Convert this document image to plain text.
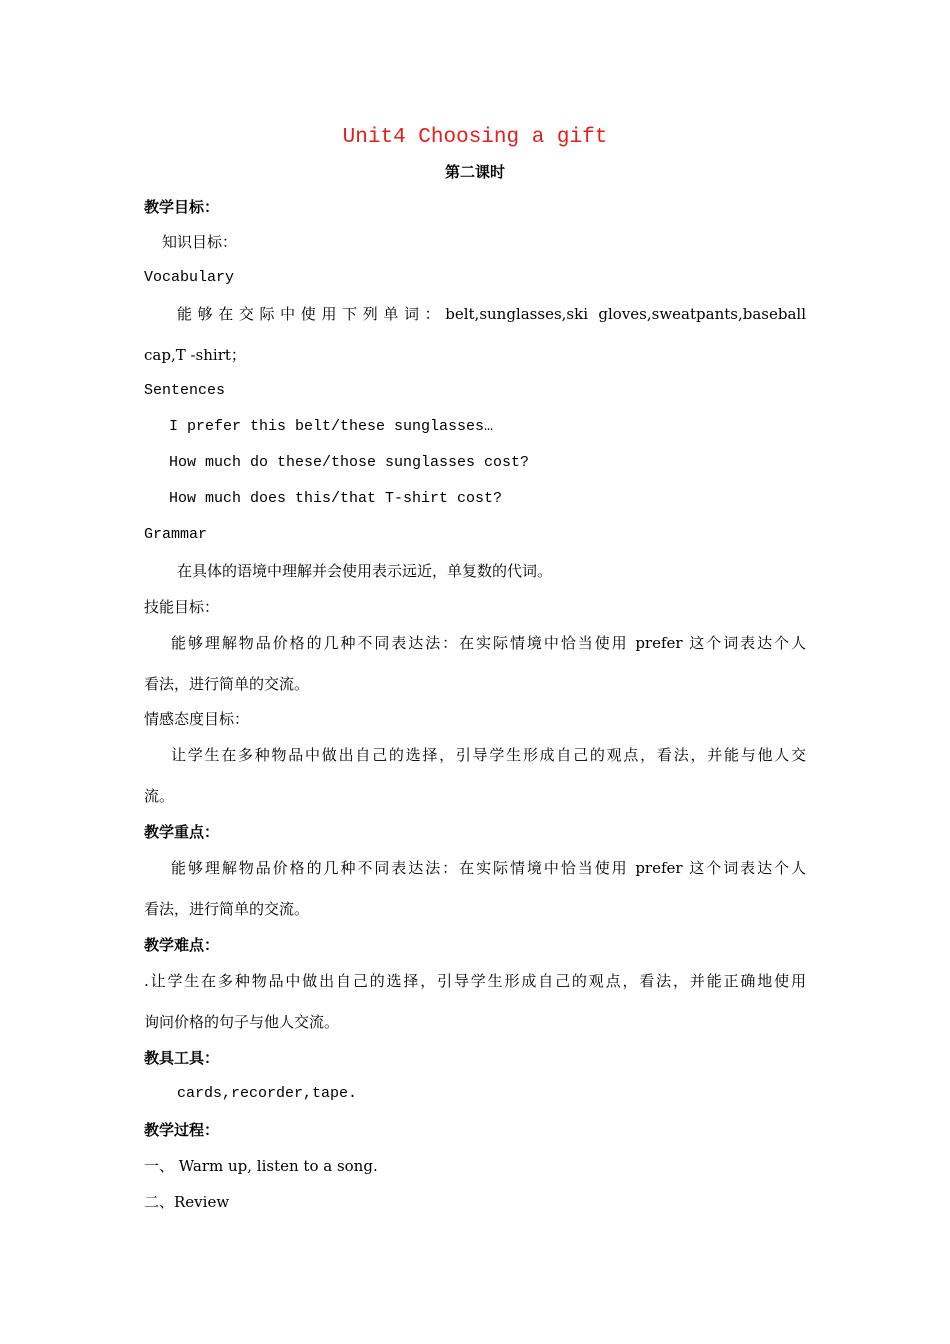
Unit4 Choosing a gift
第二课时
教学目标：
知识目标：
Vocabulary
能够在交际中使用下列单词：belt,sunglasses,ski gloves,sweatpants,baseball
cap,T -shirt；
Sentences
I prefer this belt/these sunglasses…
How much do these/those sunglasses cost?
How much does this/that T-shirt cost?
Grammar
在具体的语境中理解并会使用表示远近，单复数的代词。
技能目标：
能够理解物品价格的几种不同表达法：在实际情境中恰当使用 prefer 这个词表达个人
看法，进行简单的交流。
情感态度目标：
让学生在多种物品中做出自己的选择，引导学生形成自己的观点，看法，并能与他人交
流。
教学重点：
能够理解物品价格的几种不同表达法：在实际情境中恰当使用 prefer 这个词表达个人
看法，进行简单的交流。
教学难点：
.让学生在多种物品中做出自己的选择，引导学生形成自己的观点，看法，并能正确地使用
询问价格的句子与他人交流。
教具工具：
cards,recorder,tape.
教学过程：
一、 Warm up, listen to a song.
二、Review
